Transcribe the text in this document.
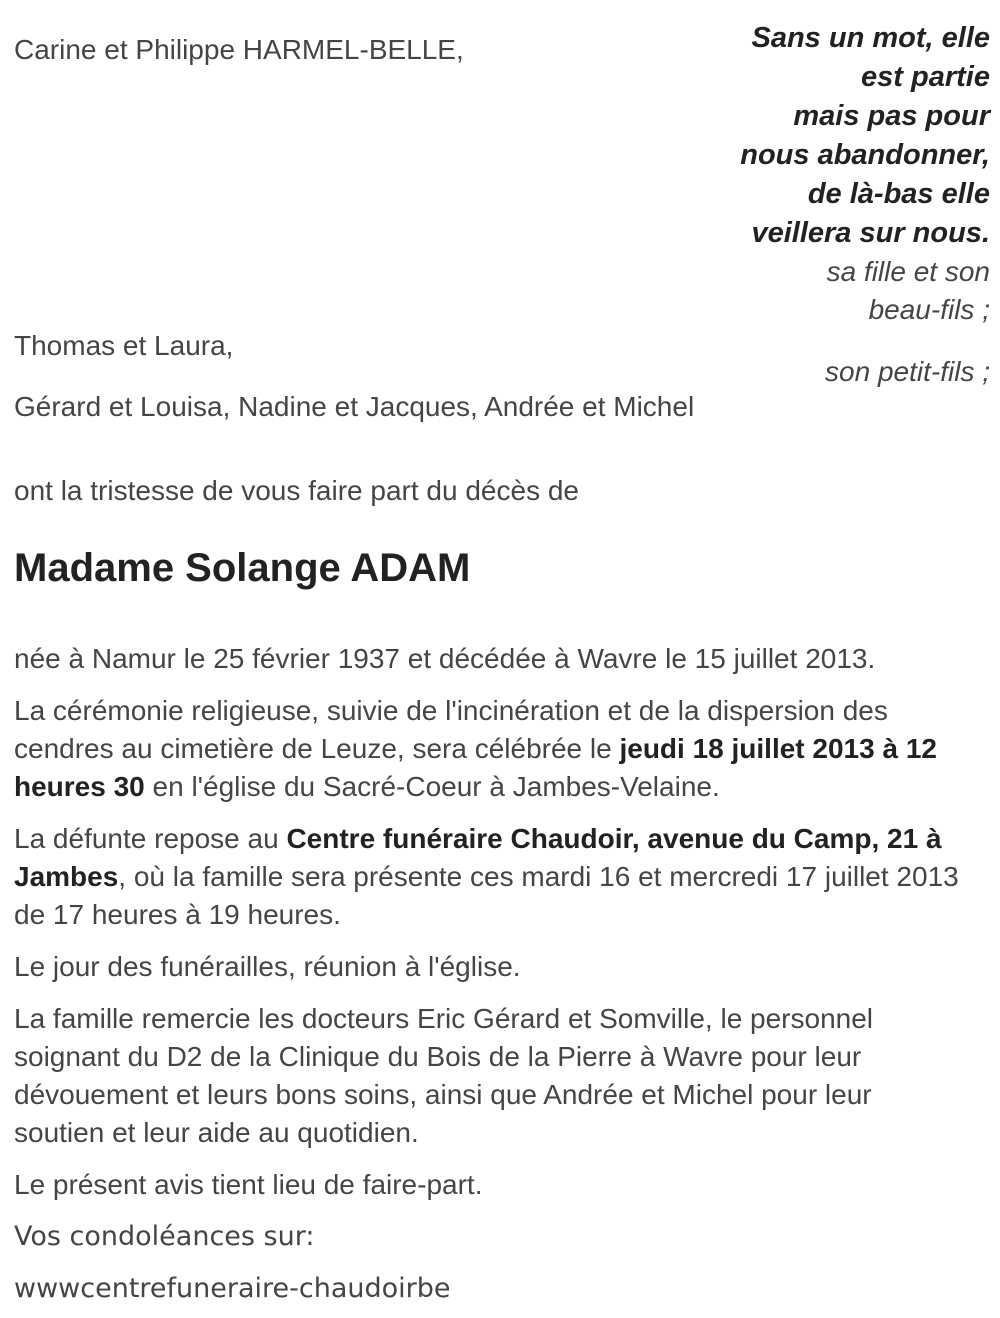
Carine et Philippe HARMEL-BELLE,	Sans un mot, elle
est partie
mais pas pour
nous abandonner,
de là-bas elle
veillera sur nous.
sa fille et son
beau-fils ;
son petit-fils ;
Thomas et Laura,
Gérard et Louisa, Nadine et Jacques, Andrée et Michel
ont la tristesse de vous faire part du décès de
Madame Solange ADAM

née à Namur le 25 février 1937 et décédée à Wavre le 15 juillet 2013.

La cérémonie religieuse, suivie de l'incinération et de la dispersion des cendres au cimetière de Leuze, sera célébrée le jeudi 18 juillet 2013 à 12 heures 30 en l'église du Sacré-Coeur à Jambes-Velaine.

La défunte repose au Centre funéraire Chaudoir, avenue du Camp, 21 à Jambes, où la famille sera présente ces mardi 16 et mercredi 17 juillet 2013 de 17 heures à 19 heures.

Le jour des funérailles, réunion à l'église.

La famille remercie les docteurs Eric Gérard et Somville, le personnel soignant du D2 de la Clinique du Bois de la Pierre à Wavre pour leur dévouement et leurs bons soins, ainsi que Andrée et Michel pour leur soutien et leur aide au quotidien.

Le présent avis tient lieu de faire-part.

Vos condoléances sur:

wwwcentrefuneraire-chaudoirbe
